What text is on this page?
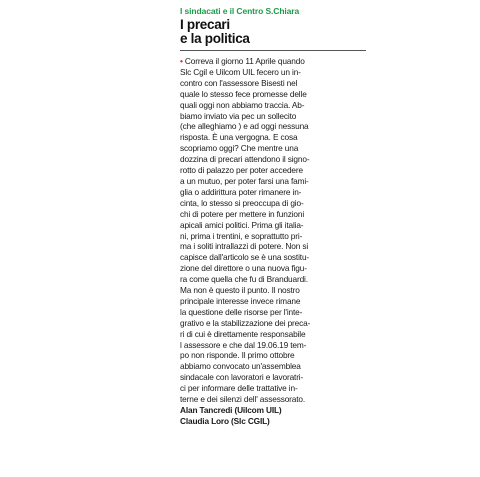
I sindacati e il Centro S.Chiara
I precari
e la politica

• Correva il giorno 11 Aprile quando

Slc Cgil e Uilcom UIL fecero un in-

contro con l'assessore Bisesti nel

quale lo stesso fece promesse delle

quali oggi non abbiamo traccia. Ab-

biamo inviato via pec un sollecito

(che alleghiamo ) e ad oggi nessuna

risposta. È una vergogna. E cosa

scopriamo oggi? Che mentre una

dozzina di precari attendono il signo-

rotto di palazzo per poter accedere

a un mutuo, per poter farsi una fami-

glia o addirittura poter rimanere in-

cinta, lo stesso si preoccupa di gio-

chi di potere per mettere in funzioni

apicali amici politici. Prima gli italia-

ni, prima i trentini, e soprattutto pri-

ma i soliti intrallazzi di potere. Non si

capisce dall'articolo se è una sostitu-

zione del direttore o una nuova figu-

ra come quella che fu di Branduardi.

Ma non è questo il punto. Il nostro

principale interesse invece rimane

la questione delle risorse per l'inte-

grativo e la stabilizzazione dei preca-

ri di cui è direttamente responsabile

l assessore e che dal 19.06.19 tem-

po non risponde. Il primo ottobre

abbiamo convocato un'assemblea

sindacale con lavoratori e lavoratri-

ci per informare delle trattative in-

terne e dei silenzi dell' assessorato.

Alan Tancredi (Uilcom UIL)

Claudia Loro (Slc CGIL)
